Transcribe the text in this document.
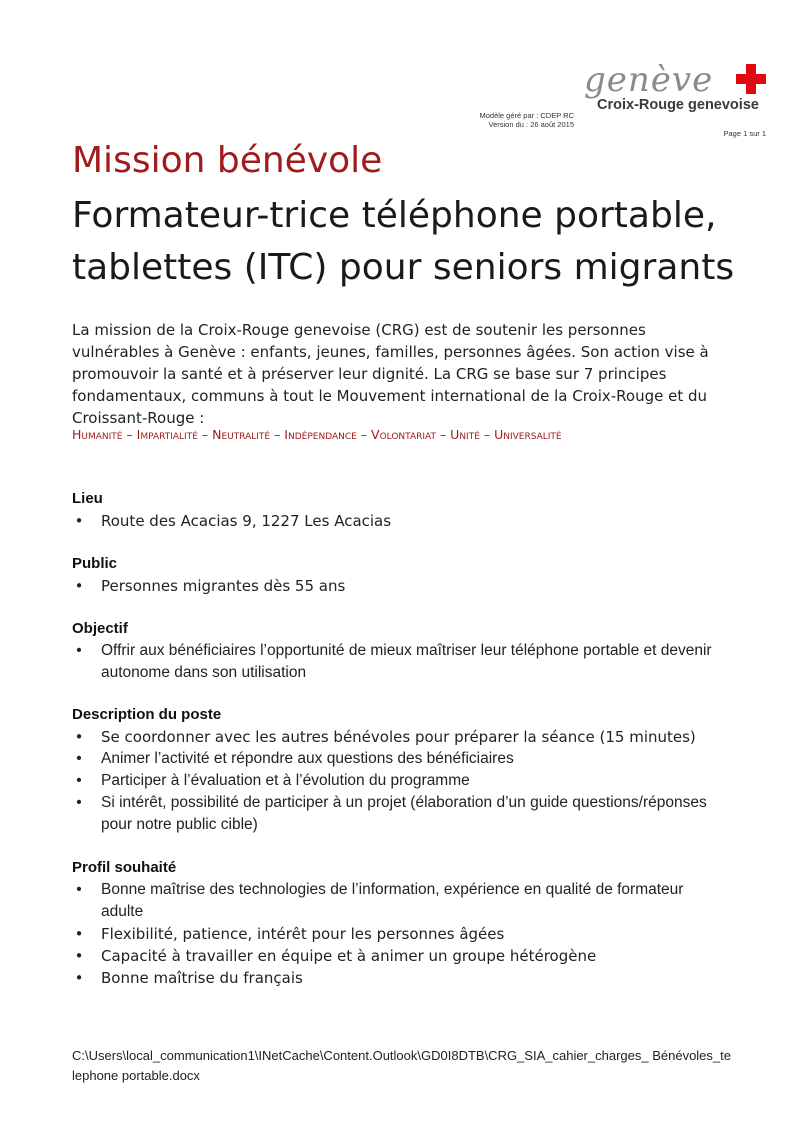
Modèle géré par : CDEP RC
Version du : 26 août 2015
genève
Croix-Rouge genevoise
Page 1 sur 1
Mission bénévole
Formateur-trice téléphone portable,
tablettes (ITC) pour seniors migrants
La mission de la Croix-Rouge genevoise (CRG) est de soutenir les personnes vulnérables à Genève : enfants, jeunes, familles, personnes âgées. Son action vise à promouvoir la santé et à préserver leur dignité. La CRG se base sur 7 principes fondamentaux, communs à tout le Mouvement international de la Croix-Rouge et du Croissant-Rouge :
Humanité – Impartialité – Neutralité – Indépendance – Volontariat – Unité – Universalité

Lieu

• Route des Acacias 9, 1227 Les Acacias

Public

• Personnes migrantes dès 55 ans

Objectif

• Offrir aux bénéficiaires l’opportunité de mieux maîtriser leur téléphone portable et devenir autonome dans son utilisation

Description du poste

• Se coordonner avec les autres bénévoles pour préparer la séance (15 minutes)
• Animer l’activité et répondre aux questions des bénéficiaires
• Participer à l’évaluation et à l’évolution du programme
• Si intérêt, possibilité de participer à un projet (élaboration d’un guide questions/réponses pour notre public cible)

Profil souhaité

• Bonne maîtrise des technologies de l’information, expérience en qualité de formateur adulte
• Flexibilité, patience, intérêt pour les personnes âgées
• Capacité à travailler en équipe et à animer un groupe hétérogène
• Bonne maîtrise du français
C:\Users\local_communication1\INetCache\Content.Outlook\GD0I8DTB\CRG_SIA_cahier_charges_ Bénévoles_telephone portable.docx
